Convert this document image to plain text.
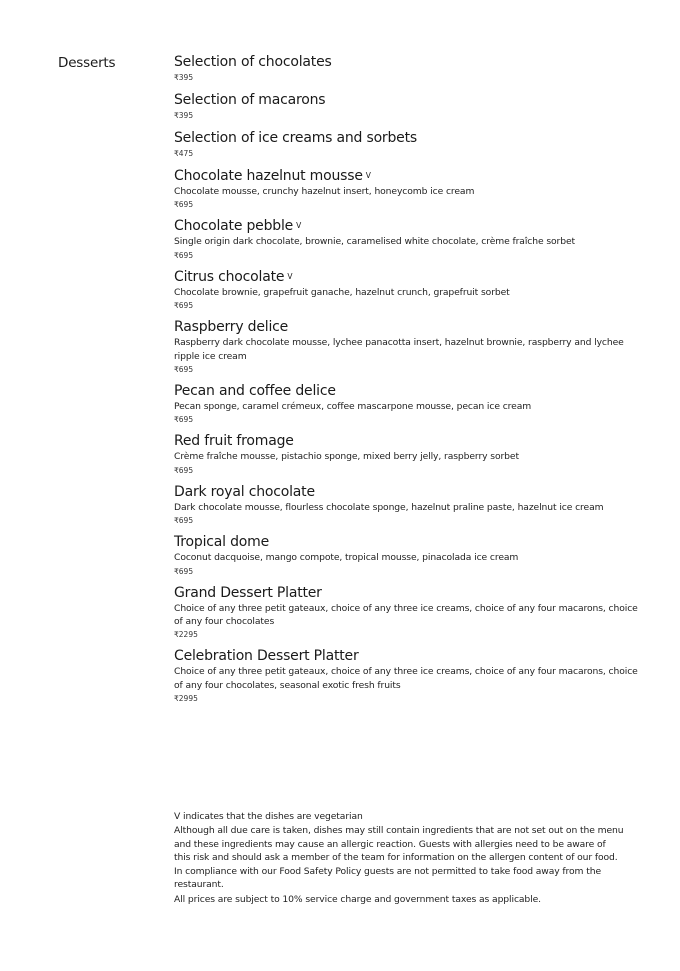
Desserts	Selection of chocolates
₹395
Selection of macarons
₹395
Selection of ice creams and sorbets
₹475
Chocolate hazelnut mousse $^V$
Chocolate mousse, crunchy hazelnut insert, honeycomb ice cream
₹695
Chocolate pebble $^V$
Single origin dark chocolate, brownie, caramelised white chocolate, crème fraîche sorbet
₹695
Citrus chocolate $^V$
Chocolate brownie, grapefruit ganache, hazelnut crunch, grapefruit sorbet
₹695
Raspberry delice
Raspberry dark chocolate mousse, lychee panacotta insert, hazelnut brownie, raspberry and lychee ripple ice cream
₹695
Pecan and coffee delice
Pecan sponge, caramel crémeux, coffee mascarpone mousse, pecan ice cream
₹695
Red fruit fromage
Crème fraîche mousse, pistachio sponge, mixed berry jelly, raspberry sorbet
₹695
Dark royal chocolate
Dark chocolate mousse, flourless chocolate sponge, hazelnut praline paste, hazelnut ice cream
₹695
Tropical dome
Coconut dacquoise, mango compote, tropical mousse, pinacolada ice cream
₹695
Grand Dessert Platter
Choice of any three petit gateaux, choice of any three ice creams, choice of any four macarons, choice of any four chocolates
₹2295
Celebration Dessert Platter
Choice of any three petit gateaux, choice of any three ice creams, choice of any four macarons, choice of any four chocolates, seasonal exotic fresh fruits
₹2995

V indicates that the dishes are vegetarian

Although all due care is taken, dishes may still contain ingredients that are not set out on the menu and these ingredients may cause an allergic reaction. Guests with allergies need to be aware of this risk and should ask a member of the team for information on the allergen content of our food.

In compliance with our Food Safety Policy guests are not permitted to take food away from the restaurant.

All prices are subject to 10% service charge and government taxes as applicable.
